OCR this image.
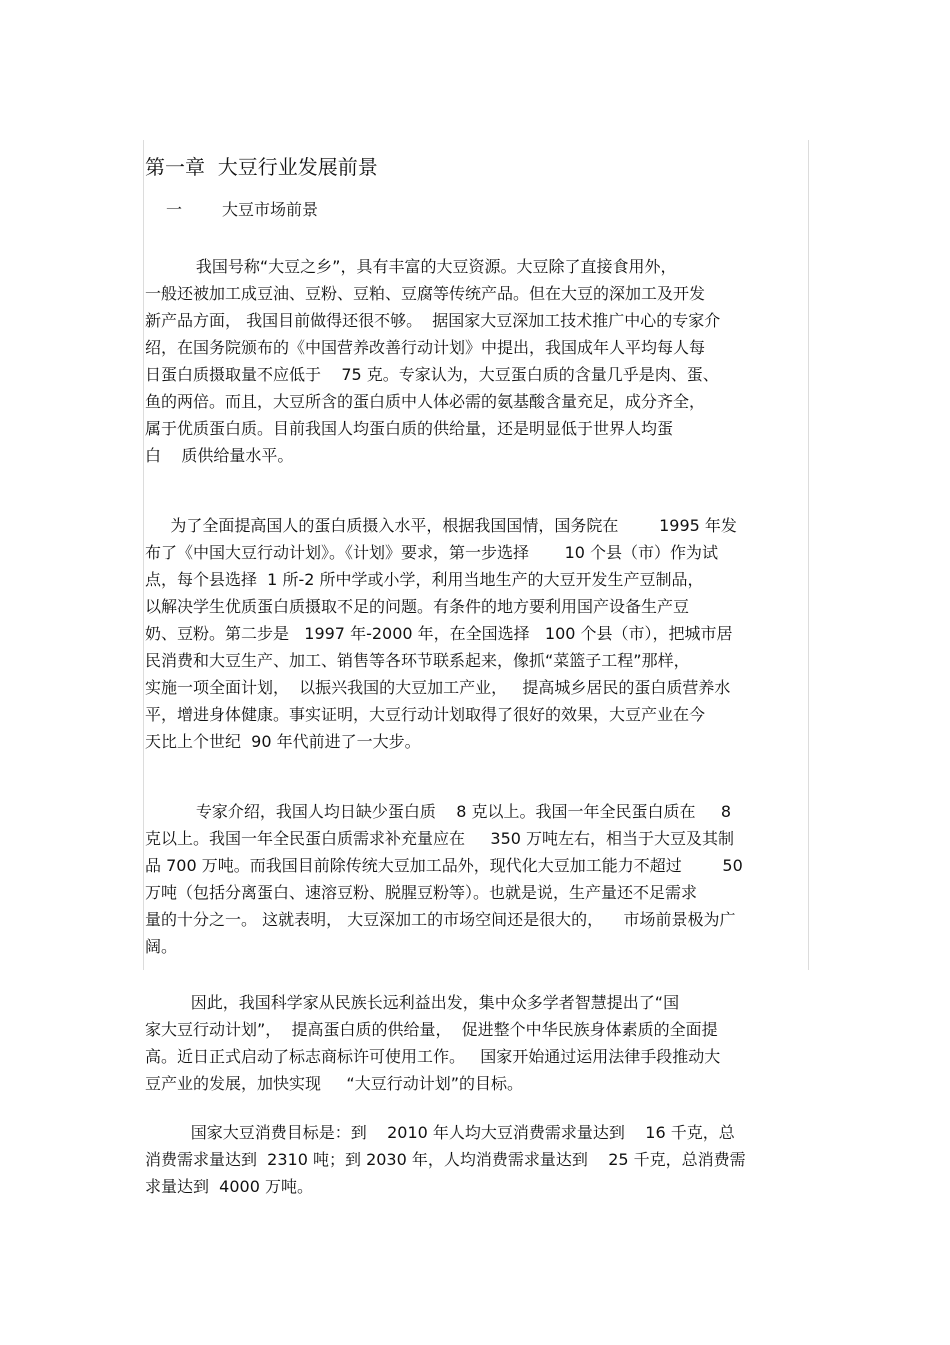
第一章  大豆行业发展前景
一 大豆市场前景
我国号称“大豆之乡”，具有丰富的大豆资源。大豆除了直接食用外，
一般还被加工成豆油、豆粉、豆粕、豆腐等传统产品。但在大豆的深加工及开发
新产品方面， 我国目前做得还很不够。  据国家大豆深加工技术推广中心的专家介
绍，在国务院颁布的《中国营养改善行动计划》中提出，我国成年人平均每人每
日蛋白质摄取量不应低于    75 克。专家认为，大豆蛋白质的含量几乎是肉、蛋、
鱼的两倍。而且，大豆所含的蛋白质中人体必需的氨基酸含量充足，成分齐全，
属于优质蛋白质。目前我国人均蛋白质的供给量，还是明显低于世界人均蛋
白    质供给量水平。
为了全面提高国人的蛋白质摄入水平，根据我国国情，国务院在        1995 年发
布了《中国大豆行动计划》。《计划》要求，第一步选择       10 个县（市）作为试
点，每个县选择  1 所-2 所中学或小学，利用当地生产的大豆开发生产豆制品，
以解决学生优质蛋白质摄取不足的问题。有条件的地方要利用国产设备生产豆
奶、豆粉。第二步是   1997 年-2000 年，在全国选择   100 个县（市），把城市居
民消费和大豆生产、加工、销售等各环节联系起来，像抓“菜篮子工程”那样，
实施一项全面计划，  以振兴我国的大豆加工产业，   提高城乡居民的蛋白质营养水
平，增进身体健康。事实证明，大豆行动计划取得了很好的效果，大豆产业在今
天比上个世纪  90 年代前进了一大步。
专家介绍，我国人均日缺少蛋白质    8 克以上。我国一年全民蛋白质在     8
克以上。我国一年全民蛋白质需求补充量应在     350 万吨左右，相当于大豆及其制
品 700 万吨。而我国目前除传统大豆加工品外，现代化大豆加工能力不超过        50
万吨（包括分离蛋白、速溶豆粉、脱腥豆粉等）。也就是说，生产量还不足需求
量的十分之一。 这就表明， 大豆深加工的市场空间还是很大的，    市场前景极为广
阔。
因此，我国科学家从民族长远利益出发，集中众多学者智慧提出了“国
家大豆行动计划”，  提高蛋白质的供给量，  促进整个中华民族身体素质的全面提
高。近日正式启动了标志商标许可使用工作。   国家开始通过运用法律手段推动大
豆产业的发展，加快实现     “大豆行动计划”的目标。
国家大豆消费目标是：到    2010 年人均大豆消费需求量达到    16 千克，总
消费需求量达到  2310 吨；到 2030 年，人均消费需求量达到    25 千克，总消费需
求量达到  4000 万吨。
